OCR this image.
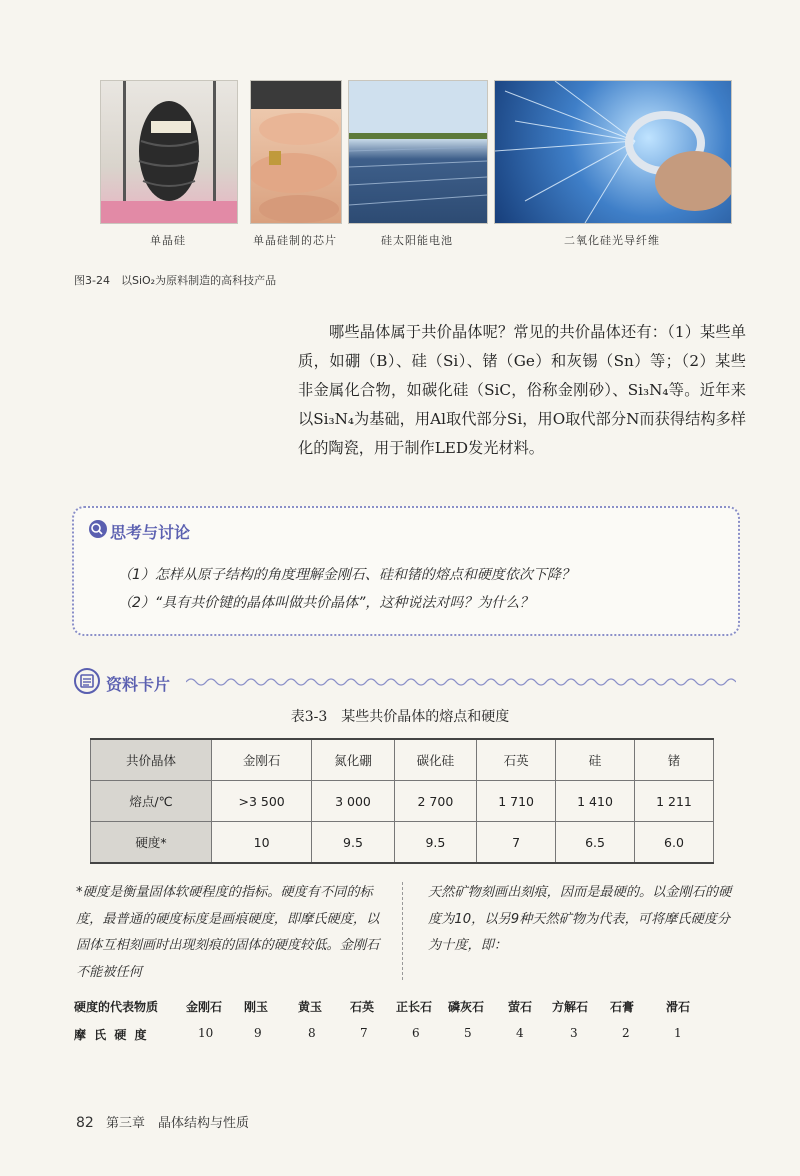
单晶硅	单晶硅制的芯片	硅太阳能电池	二氧化硅光导纤维
图3-24　以SiO₂为原料制造的高科技产品
哪些晶体属于共价晶体呢？常见的共价晶体还有：（1）某些单质，如硼（B）、硅（Si）、锗（Ge）和灰锡（Sn）等；（2）某些非金属化合物，如碳化硅（SiC，俗称金刚砂）、Si₃N₄等。近年来以Si₃N₄为基础，用Al取代部分Si，用O取代部分N而获得结构多样化的陶瓷，用于制作LED发光材料。
思考与讨论
（1）怎样从原子结构的角度理解金刚石、硅和锗的熔点和硬度依次下降？
（2）“具有共价键的晶体叫做共价晶体”，这种说法对吗？为什么？
资料卡片
表3-3　某些共价晶体的熔点和硬度
共价晶体	金刚石	氮化硼	碳化硅	石英	硅	锗
熔点/℃	>3 500	3 000	2 700	1 710	1 410	1 211
硬度*	10	9.5	9.5	7	6.5	6.0
*硬度是衡量固体软硬程度的指标。硬度有不同的标度，最普通的硬度标度是画痕硬度，即摩氏硬度，以固体互相刻画时出现刻痕的固体的硬度较低。金刚石不能被任何
天然矿物刻画出刻痕，因而是最硬的。以金刚石的硬度为10，以另9种天然矿物为代表，可将摩氏硬度分为十度，即：
硬度的代表物质 金刚石 刚玉 黄玉 石英 正长石 磷灰石 萤石 方解石 石膏	滑石
摩 氏 硬 度	10	9	8	7	6	5	4	3	2	1
82 第三章　晶体结构与性质
